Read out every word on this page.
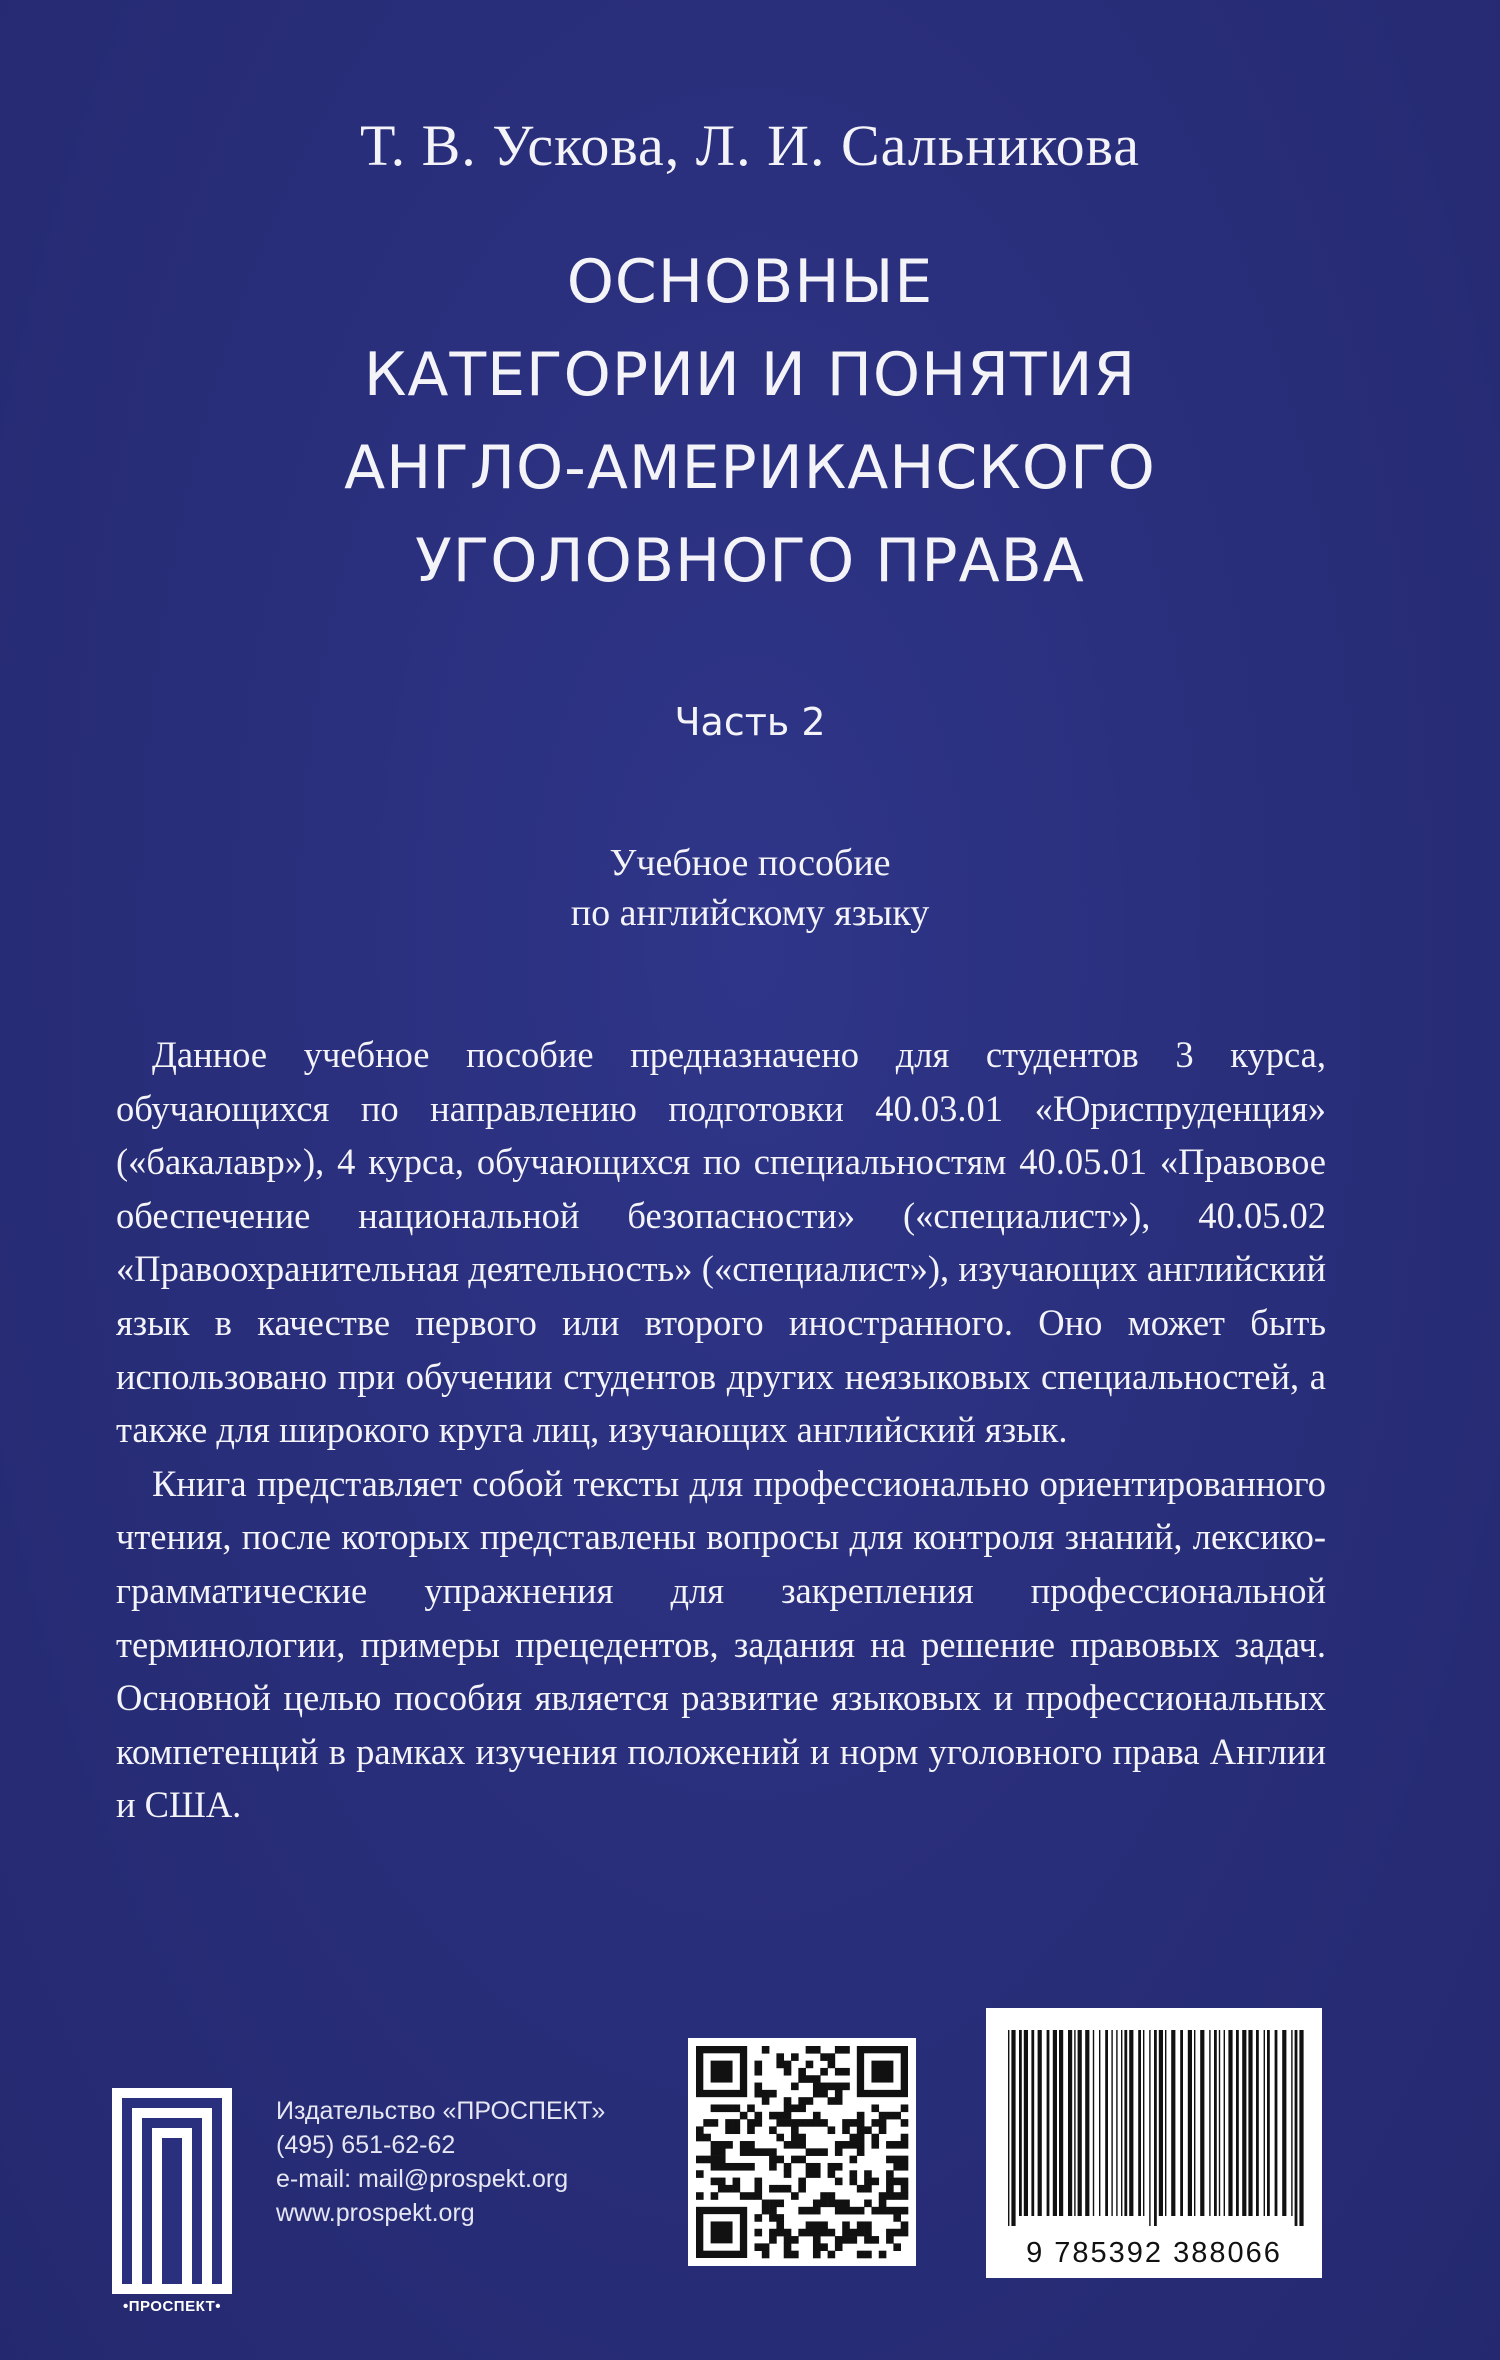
Т. В. Ускова, Л. И. Сальникова
ОСНОВНЫЕ
КАТЕГОРИИ И ПОНЯТИЯ
АНГЛО-АМЕРИКАНСКОГО
УГОЛОВНОГО ПРАВА
Часть 2
Учебное пособие
по английскому языку

Данное учебное пособие предназначено для студентов 3 курса, обучающихся по направлению подготовки 40.03.01 «Юриспруденция» («бакалавр»), 4 курса, обучающихся по специальностям 40.05.01 «Правовое обеспечение национальной безопасности» («специалист»), 40.05.02 «Правоохранительная деятельность» («специалист»), изучающих английский язык в качестве первого или второго иностранного. Оно может быть использовано при обучении студентов других неязыковых специальностей, а также для широкого круга лиц, изучающих английский язык.

Книга представляет собой тексты для профессионально ориентированного чтения, после которых представлены вопросы для контроля знаний, лексико-грамматические упражнения для закрепления профессиональной терминологии, примеры прецедентов, задания на решение правовых задач. Основной целью пособия является развитие языковых и профессиональных компетенций в рамках изучения положений и норм уголовного права Англии и США.

•ПРОСПЕКТ•
Издательство «ПРОСПЕКТ»
(495) 651-62-62
e-mail: mail@prospekt.org
www.prospekt.org
9 785392 388066
